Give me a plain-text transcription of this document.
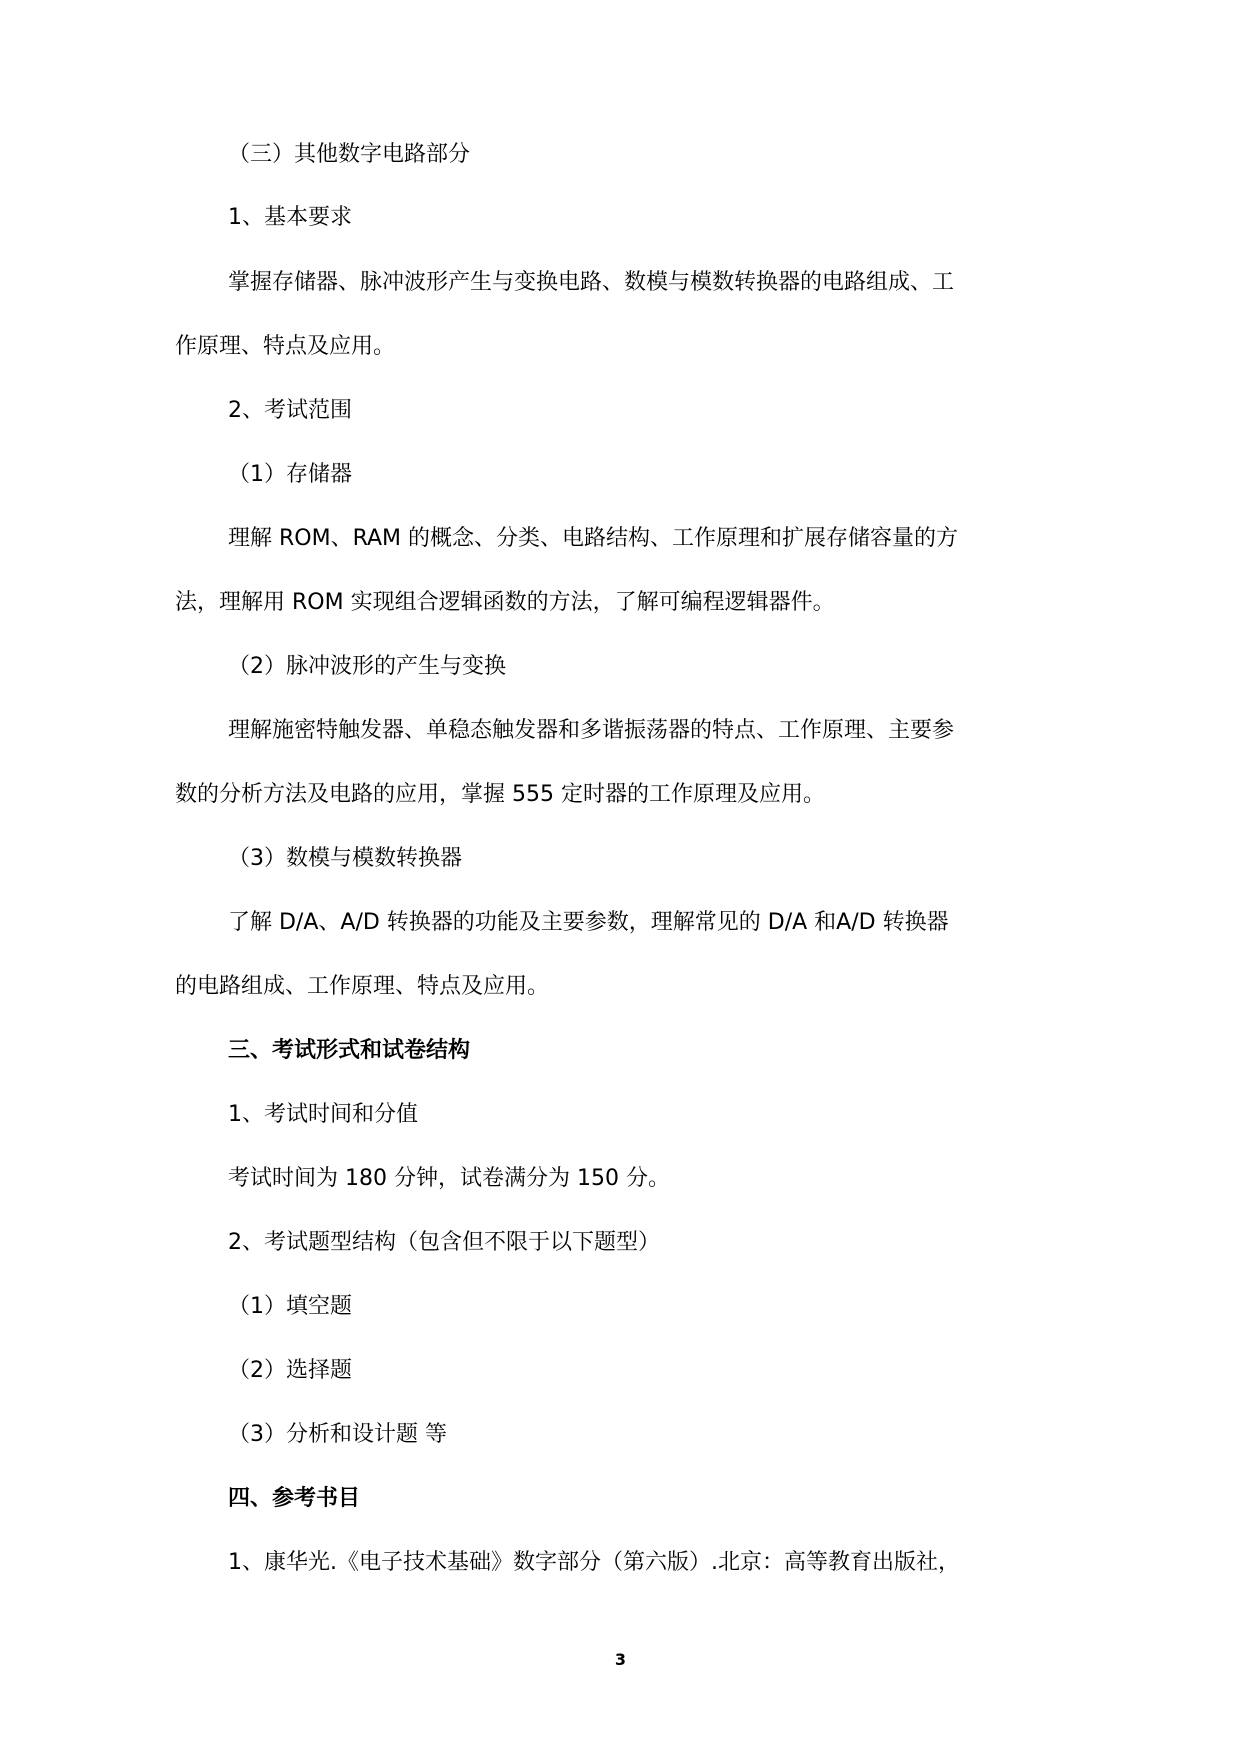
（三）其他数字电路部分
1、基本要求
掌握存储器、脉冲波形产生与变换电路、数模与模数转换器的电路组成、工
作原理、特点及应用。
2、考试范围
（1）存储器
理解 ROM、RAM 的概念、分类、电路结构、工作原理和扩展存储容量的方
法，理解用 ROM 实现组合逻辑函数的方法，了解可编程逻辑器件。
（2）脉冲波形的产生与变换
理解施密特触发器、单稳态触发器和多谐振荡器的特点、工作原理、主要参
数的分析方法及电路的应用，掌握 555 定时器的工作原理及应用。
（3）数模与模数转换器
了解 D/A、A/D 转换器的功能及主要参数，理解常见的 D/A 和A/D 转换器
的电路组成、工作原理、特点及应用。
三、考试形式和试卷结构
1、考试时间和分值
考试时间为 180 分钟，试卷满分为 150 分。
2、考试题型结构（包含但不限于以下题型）
（1）填空题
（2）选择题
（3）分析和设计题 等
四、参考书目
1、康华光.《电子技术基础》数字部分（第六版）.北京：高等教育出版社，
3
